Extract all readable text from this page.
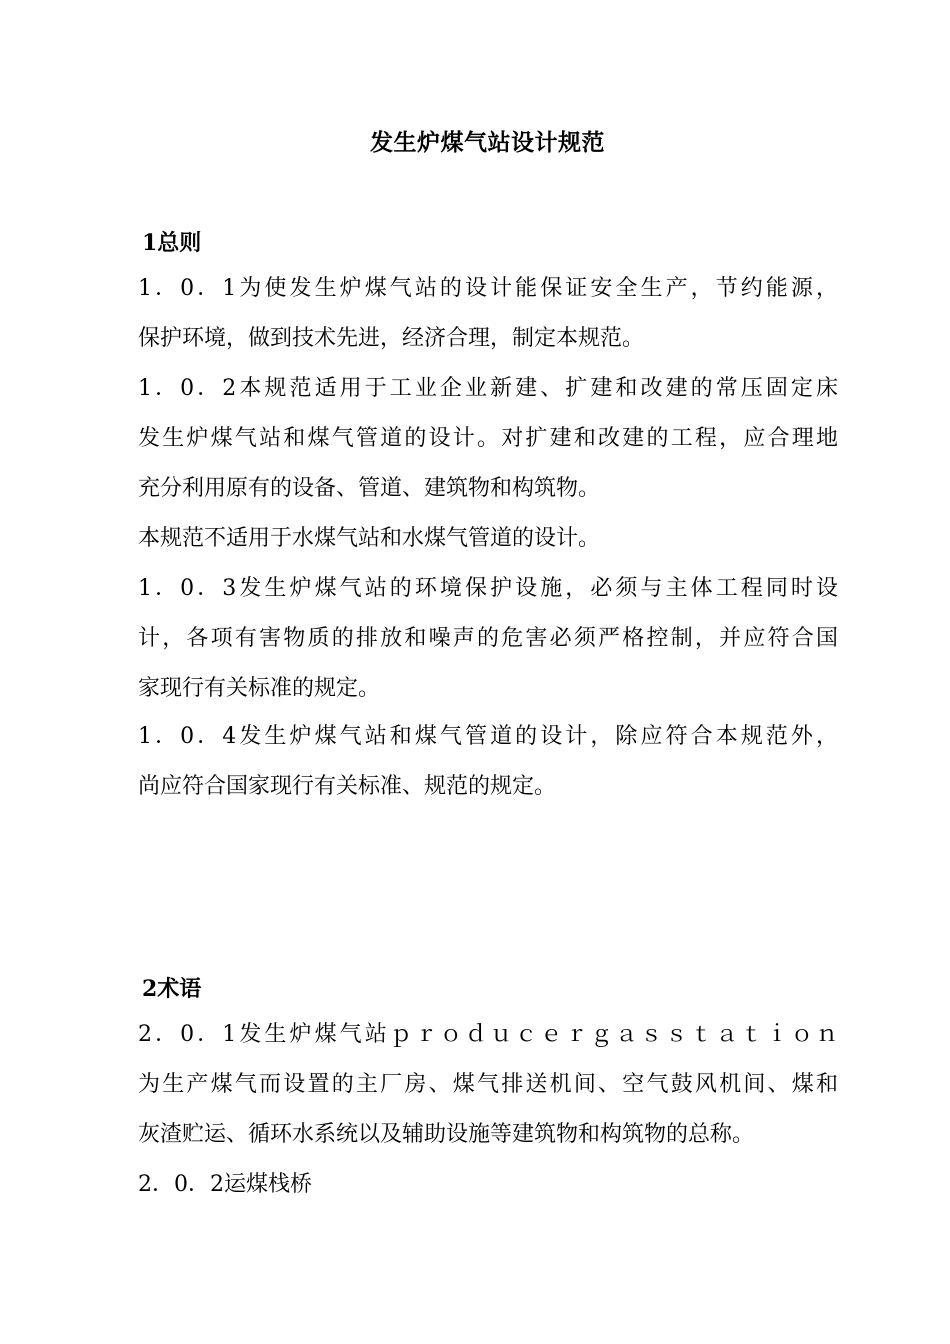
发生炉煤气站设计规范
1总则
1．0．1为使发生炉煤气站的设计能保证安全生产，节约能源，
保护环境，做到技术先进，经济合理，制定本规范。
1．0．2本规范适用于工业企业新建、扩建和改建的常压固定床
发生炉煤气站和煤气管道的设计。对扩建和改建的工程，应合理地
充分利用原有的设备、管道、建筑物和构筑物。
本规范不适用于水煤气站和水煤气管道的设计。
1．0．3发生炉煤气站的环境保护设施，必须与主体工程同时设
计，各项有害物质的排放和噪声的危害必须严格控制，并应符合国
家现行有关标准的规定。
1．0．4发生炉煤气站和煤气管道的设计，除应符合本规范外，
尚应符合国家现行有关标准、规范的规定。
2术语
2．0．1发生炉煤气站ｐｒｏｄｕｃｅｒｇａｓｓｔａｔｉｏｎ
为生产煤气而设置的主厂房、煤气排送机间、空气鼓风机间、煤和
灰渣贮运、循环水系统以及辅助设施等建筑物和构筑物的总称。
2．0．2运煤栈桥
